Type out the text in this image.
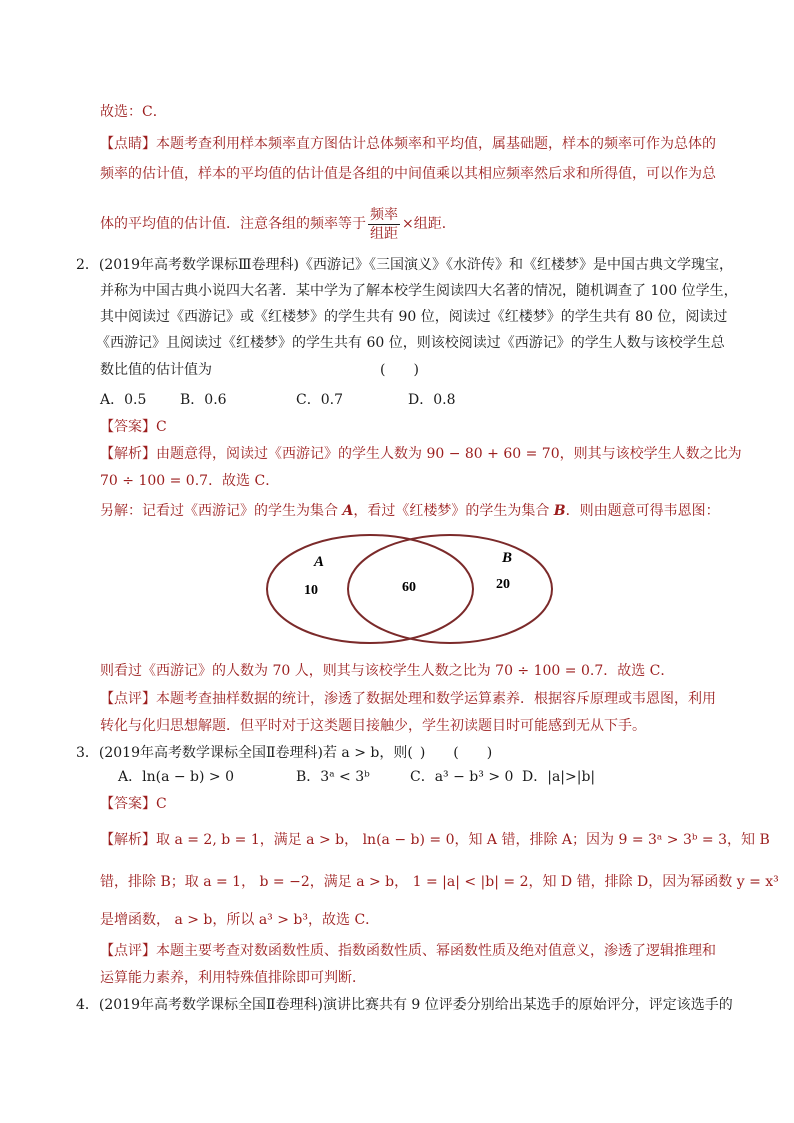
故选：C．
【点睛】本题考查利用样本频率直方图估计总体频率和平均值，属基础题，样本的频率可作为总体的
频率的估计值，样本的平均值的估计值是各组的中间值乘以其相应频率然后求和所得值，可以作为总
体的平均值的估计值．注意各组的频率等于 $\frac{\text{频率}}{\text{组距}}$ ×组距．
2．(2019年高考数学课标Ⅲ卷理科)《西游记》《三国演义》《水浒传》和《红楼梦》是中国古典文学瑰宝，
并称为中国古典小说四大名著．某中学为了解本校学生阅读四大名著的情况，随机调查了 100 位学生，
其中阅读过《西游记》或《红楼梦》的学生共有 90 位，阅读过《红楼梦》的学生共有 80 位，阅读过
《西游记》且阅读过《红楼梦》的学生共有 60 位，则该校阅读过《西游记》的学生人数与该校学生总
数比值的估计值为	(　　)
A．0.5 B．0.6	C．0.7	D．0.8
【答案】C
【解析】由题意得，阅读过《西游记》的学生人数为 90 − 80 + 60 = 70，则其与该校学生人数之比为
70 ÷ 100 = 0.7．故选 C．
另解：记看过《西游记》的学生为集合 A，看过《红楼梦》的学生为集合 B．则由题意可得韦恩图：
A	B
10	60	20
则看过《西游记》的人数为 70 人，则其与该校学生人数之比为 70 ÷ 100 = 0.7．故选 C．
【点评】本题考查抽样数据的统计，渗透了数据处理和数学运算素养．根据容斥原理或韦恩图，利用
转化与化归思想解题．但平时对于这类题目接触少，学生初读题目时可能感到无从下手。
3．(2019年高考数学课标全国Ⅱ卷理科)若 a > b，则( )　　(　　)
A．ln(a − b) > 0	B．3ᵃ < 3ᵇ	C．a³ − b³ > 0 D．|a|>|b|
【答案】C
【解析】取 a = 2, b = 1，满足 a > b， ln(a − b) = 0，知 A 错，排除 A；因为 9 = 3ᵃ > 3ᵇ = 3，知 B
错，排除 B；取 a = 1， b = −2，满足 a > b， 1 = |a| < |b| = 2，知 D 错，排除 D，因为幂函数 y = x³
是增函数， a > b，所以 a³ > b³，故选 C．
【点评】本题主要考查对数函数性质、指数函数性质、幂函数性质及绝对值意义，渗透了逻辑推理和
运算能力素养，利用特殊值排除即可判断．
4．(2019年高考数学课标全国Ⅱ卷理科)演讲比赛共有 9 位评委分别给出某选手的原始评分，评定该选手的
